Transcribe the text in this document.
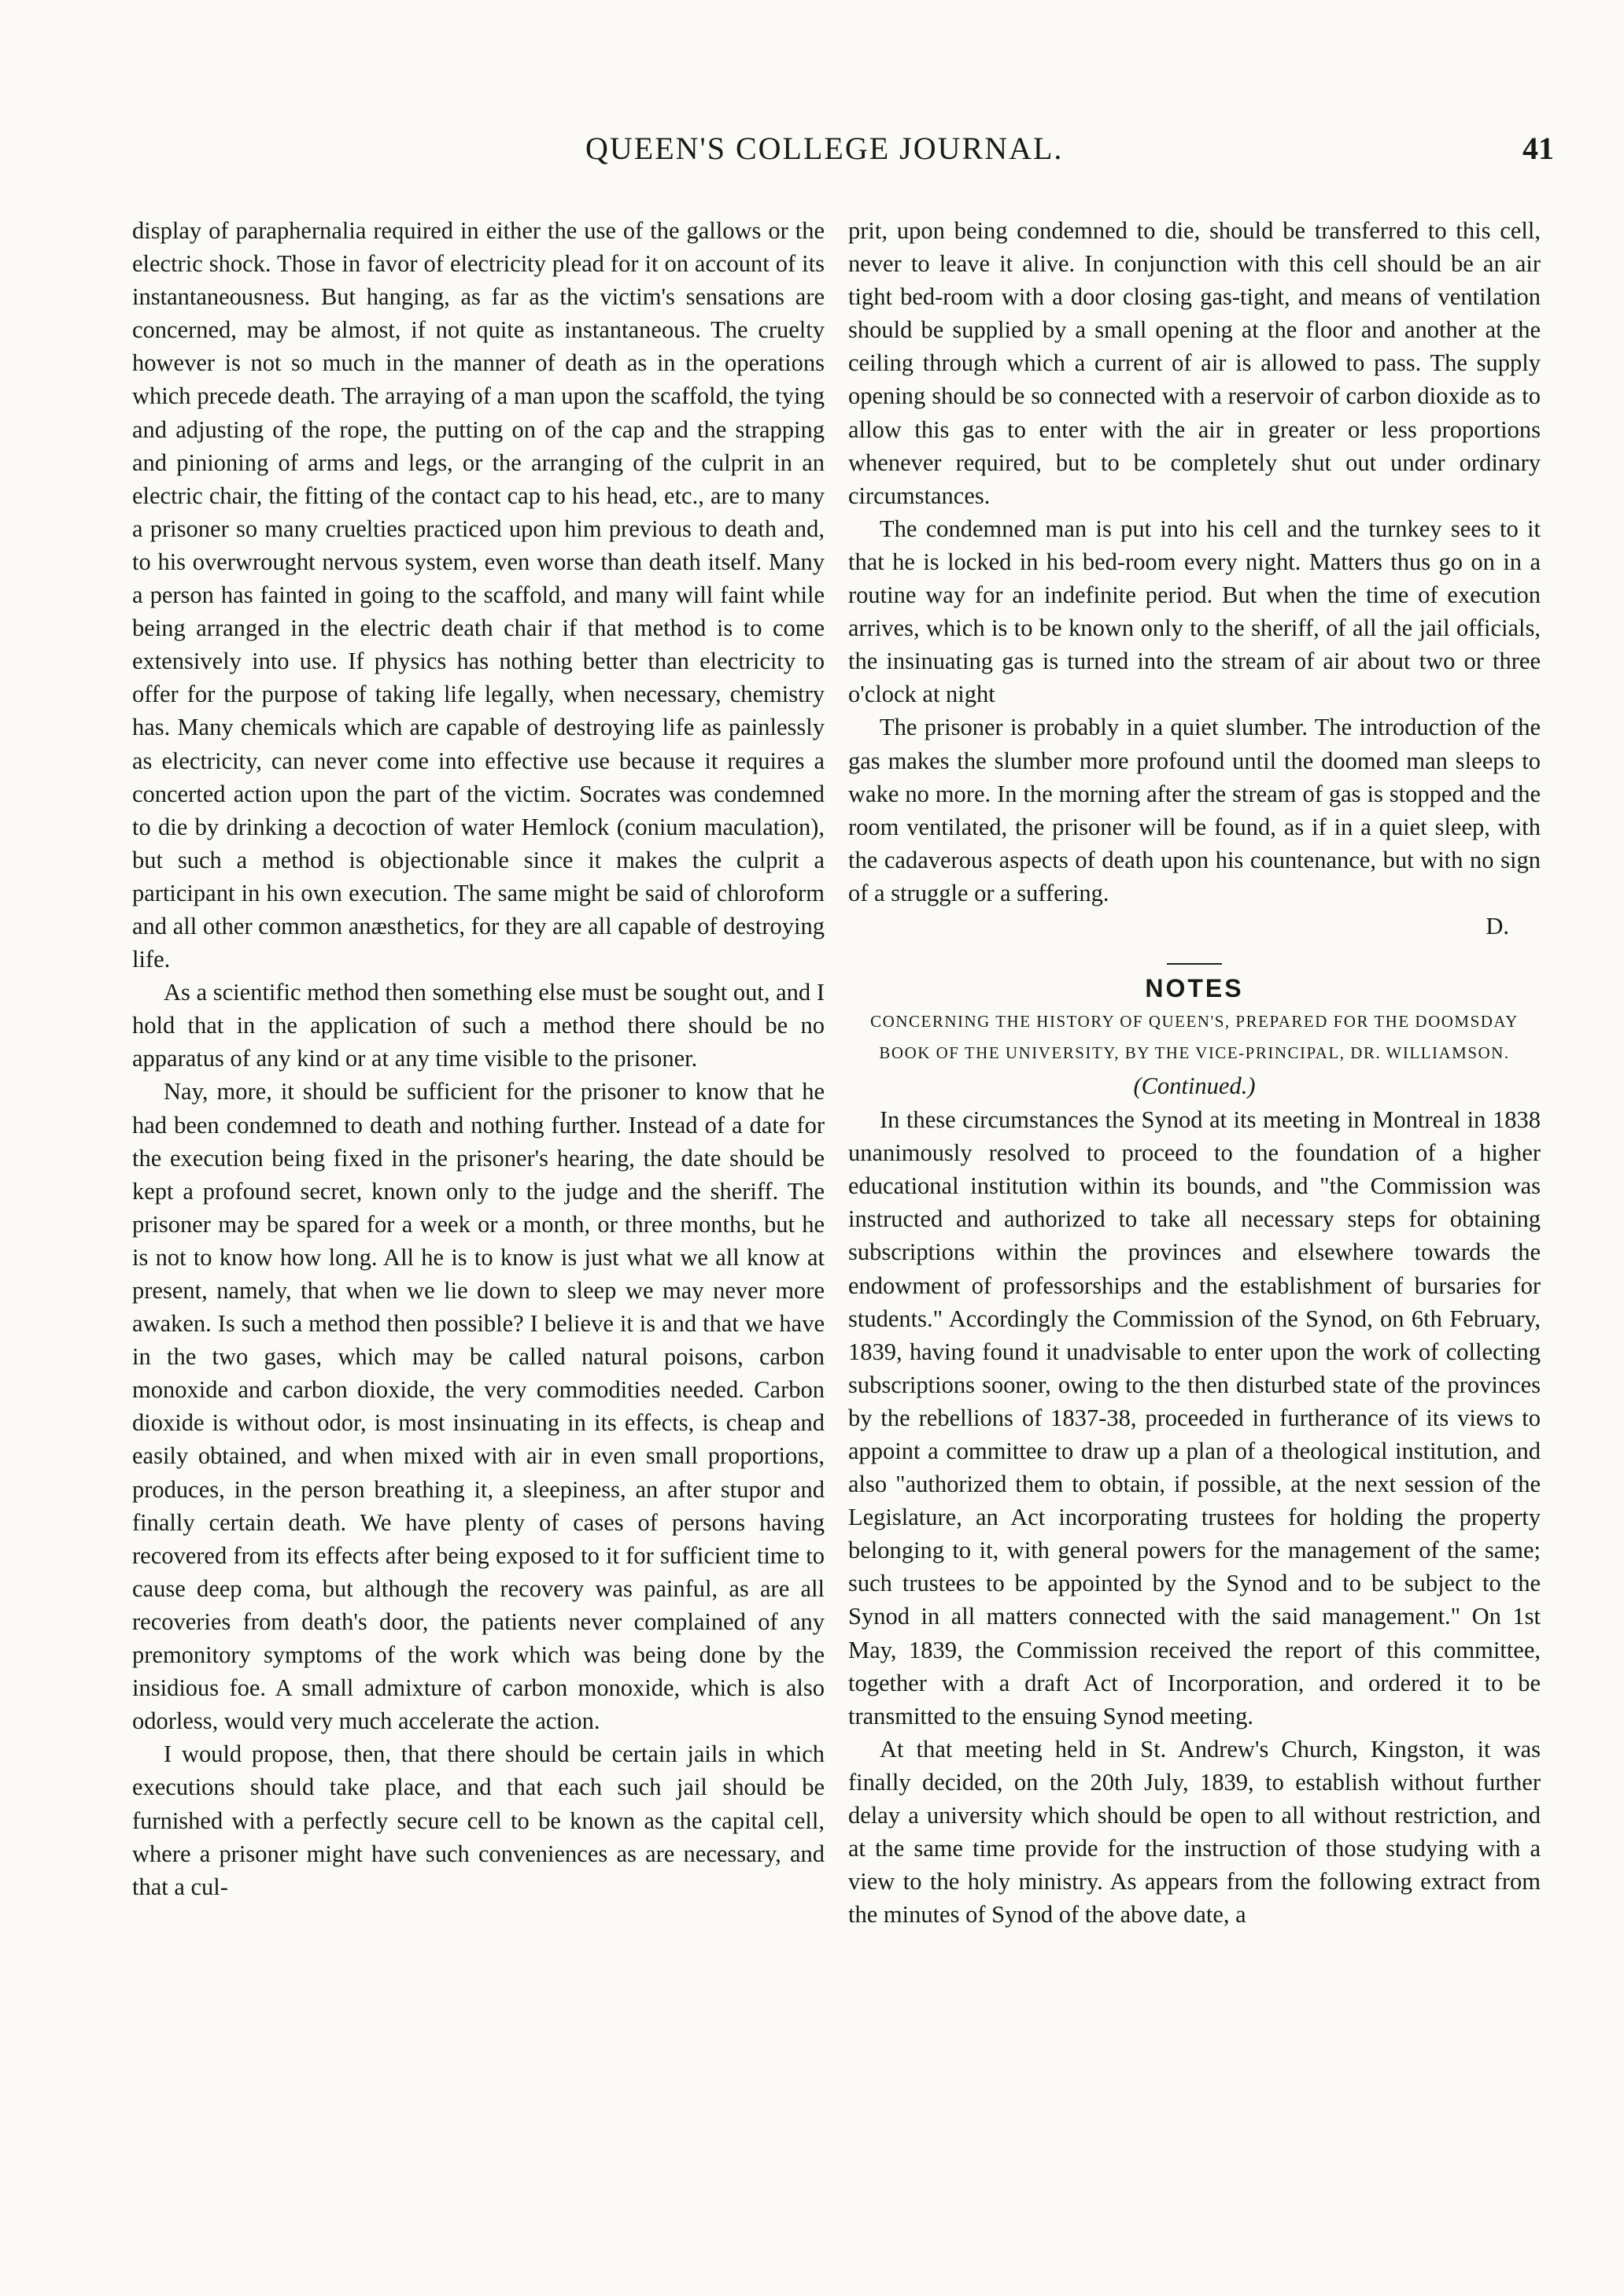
QUEEN'S COLLEGE JOURNAL.	41

display of paraphernalia required in either the use of the gallows or the electric shock. Those in favor of electricity plead for it on account of its instantaneousness. But hanging, as far as the victim's sensations are concerned, may be almost, if not quite as instantaneous. The cruelty however is not so much in the manner of death as in the operations which precede death. The arraying of a man upon the scaffold, the tying and adjusting of the rope, the putting on of the cap and the strapping and pinioning of arms and legs, or the arranging of the culprit in an electric chair, the fitting of the contact cap to his head, etc., are to many a prisoner so many cruelties practiced upon him previous to death and, to his overwrought nervous system, even worse than death itself. Many a person has fainted in going to the scaffold, and many will faint while being arranged in the electric death chair if that method is to come extensively into use. If physics has nothing better than electricity to offer for the purpose of taking life legally, when necessary, chemistry has. Many chemicals which are capable of destroying life as painlessly as electricity, can never come into effective use because it requires a concerted action upon the part of the victim. Socrates was condemned to die by drinking a decoction of water Hemlock (conium maculation), but such a method is objectionable since it makes the culprit a participant in his own execution. The same might be said of chloroform and all other common anæsthetics, for they are all capable of destroying life.

As a scientific method then something else must be sought out, and I hold that in the application of such a method there should be no apparatus of any kind or at any time visible to the prisoner.

Nay, more, it should be sufficient for the prisoner to know that he had been condemned to death and nothing further. Instead of a date for the execution being fixed in the prisoner's hearing, the date should be kept a profound secret, known only to the judge and the sheriff. The prisoner may be spared for a week or a month, or three months, but he is not to know how long. All he is to know is just what we all know at present, namely, that when we lie down to sleep we may never more awaken. Is such a method then possible? I believe it is and that we have in the two gases, which may be called natural poisons, carbon monoxide and carbon dioxide, the very commodities needed. Carbon dioxide is without odor, is most insinuating in its effects, is cheap and easily obtained, and when mixed with air in even small proportions, produces, in the person breathing it, a sleepiness, an after stupor and finally certain death. We have plenty of cases of persons having recovered from its effects after being exposed to it for sufficient time to cause deep coma, but although the recovery was painful, as are all recoveries from death's door, the patients never complained of any premonitory symptoms of the work which was being done by the insidious foe. A small admixture of carbon monoxide, which is also odorless, would very much accelerate the action.

I would propose, then, that there should be certain jails in which executions should take place, and that each such jail should be furnished with a perfectly secure cell to be known as the capital cell, where a prisoner might have such conveniences as are necessary, and that a cul-

prit, upon being condemned to die, should be transferred to this cell, never to leave it alive. In conjunction with this cell should be an air tight bed-room with a door closing gas-tight, and means of ventilation should be supplied by a small opening at the floor and another at the ceiling through which a current of air is allowed to pass. The supply opening should be so connected with a reservoir of carbon dioxide as to allow this gas to enter with the air in greater or less proportions whenever required, but to be completely shut out under ordinary circumstances.

The condemned man is put into his cell and the turnkey sees to it that he is locked in his bed-room every night. Matters thus go on in a routine way for an indefinite period. But when the time of execution arrives, which is to be known only to the sheriff, of all the jail officials, the insinuating gas is turned into the stream of air about two or three o'clock at night

The prisoner is probably in a quiet slumber. The introduction of the gas makes the slumber more profound until the doomed man sleeps to wake no more. In the morning after the stream of gas is stopped and the room ventilated, the prisoner will be found, as if in a quiet sleep, with the cadaverous aspects of death upon his countenance, but with no sign of a struggle or a suffering.

D.

NOTES

CONCERNING THE HISTORY OF QUEEN'S, PREPARED FOR THE DOOMSDAY BOOK OF THE UNIVERSITY, BY THE VICE-PRINCIPAL, DR. WILLIAMSON.

(Continued.)

In these circumstances the Synod at its meeting in Montreal in 1838 unanimously resolved to proceed to the foundation of a higher educational institution within its bounds, and "the Commission was instructed and authorized to take all necessary steps for obtaining subscriptions within the provinces and elsewhere towards the endowment of professorships and the establishment of bursaries for students." Accordingly the Commission of the Synod, on 6th February, 1839, having found it unadvisable to enter upon the work of collecting subscriptions sooner, owing to the then disturbed state of the provinces by the rebellions of 1837-38, proceeded in furtherance of its views to appoint a committee to draw up a plan of a theological institution, and also "authorized them to obtain, if possible, at the next session of the Legislature, an Act incorporating trustees for holding the property belonging to it, with general powers for the management of the same; such trustees to be appointed by the Synod and to be subject to the Synod in all matters connected with the said management." On 1st May, 1839, the Commission received the report of this committee, together with a draft Act of Incorporation, and ordered it to be transmitted to the ensuing Synod meeting.

At that meeting held in St. Andrew's Church, Kingston, it was finally decided, on the 20th July, 1839, to establish without further delay a university which should be open to all without restriction, and at the same time provide for the instruction of those studying with a view to the holy ministry. As appears from the following extract from the minutes of Synod of the above date, a
